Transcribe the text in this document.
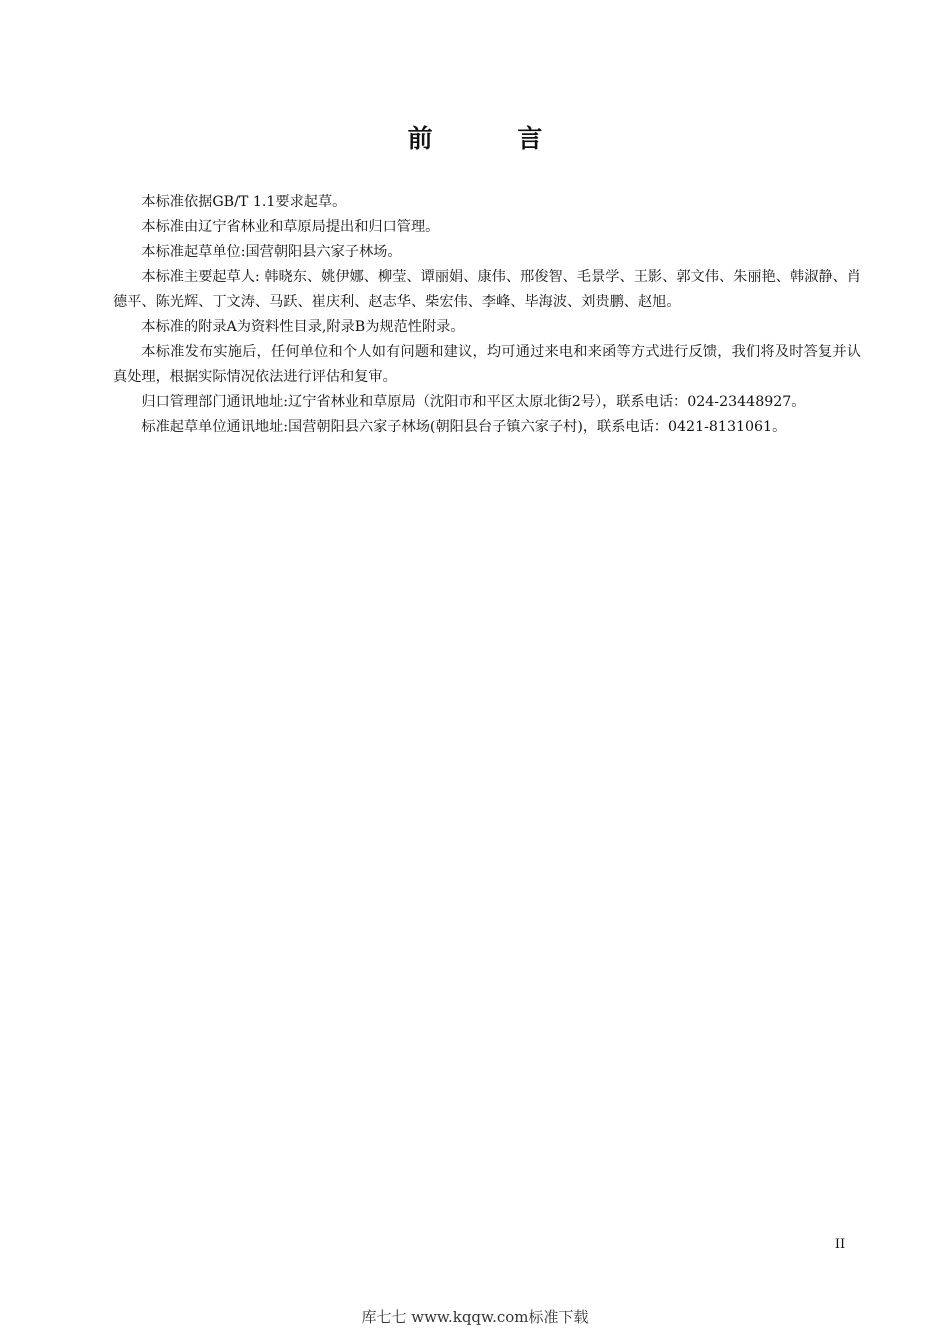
前 言

本标准依据GB/T 1.1要求起草。

本标准由辽宁省林业和草原局提出和归口管理。

本标准起草单位:国营朝阳县六家子林场。

本标准主要起草人: 韩晓东、姚伊娜、柳莹、谭丽娟、康伟、邢俊智、毛景学、王影、郭文伟、朱丽艳、韩淑静、肖德平、陈光辉、丁文涛、马跃、崔庆利、赵志华、柴宏伟、李峰、毕海波、刘贵鹏、赵旭。

本标准的附录A为资料性目录,附录B为规范性附录。

本标准发布实施后，任何单位和个人如有问题和建议，均可通过来电和来函等方式进行反馈，我们将及时答复并认真处理，根据实际情况依法进行评估和复审。

归口管理部门通讯地址:辽宁省林业和草原局（沈阳市和平区太原北街2号），联系电话：024-23448927。

标准起草单位通讯地址:国营朝阳县六家子林场(朝阳县台子镇六家子村)，联系电话：0421-8131061。

II
库七七 www.kqqw.com标准下载
